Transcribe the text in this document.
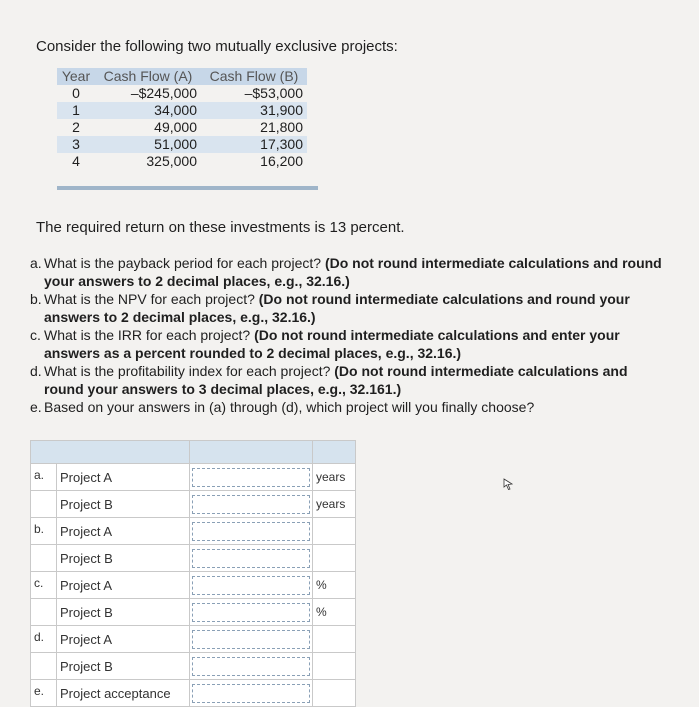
Consider the following two mutually exclusive projects:
Year	Cash Flow (A)	Cash Flow (B)
0	–$245,000	–$53,000
1	34,000	31,900
2	49,000	21,800
3	51,000	17,300
4	325,000	16,200
The required return on these investments is 13 percent.
a. What is the payback period for each project? (Do not round intermediate calculations and round your answers to 2 decimal places, e.g., 32.16.)
b. What is the NPV for each project? (Do not round intermediate calculations and round your answers to 2 decimal places, e.g., 32.16.)
c. What is the IRR for each project? (Do not round intermediate calculations and enter your answers as a percent rounded to 2 decimal places, e.g., 32.16.)
d. What is the profitability index for each project? (Do not round intermediate calculations and round your answers to 3 decimal places, e.g., 32.161.)
e. Based on your answers in (a) through (d), which project will you finally choose?

a.	Project A		years
	Project B		years
b.	Project A	

	Project B	

c.	Project A		%
	Project B		%
d.	Project A	

	Project B	

e.	Project acceptance	
